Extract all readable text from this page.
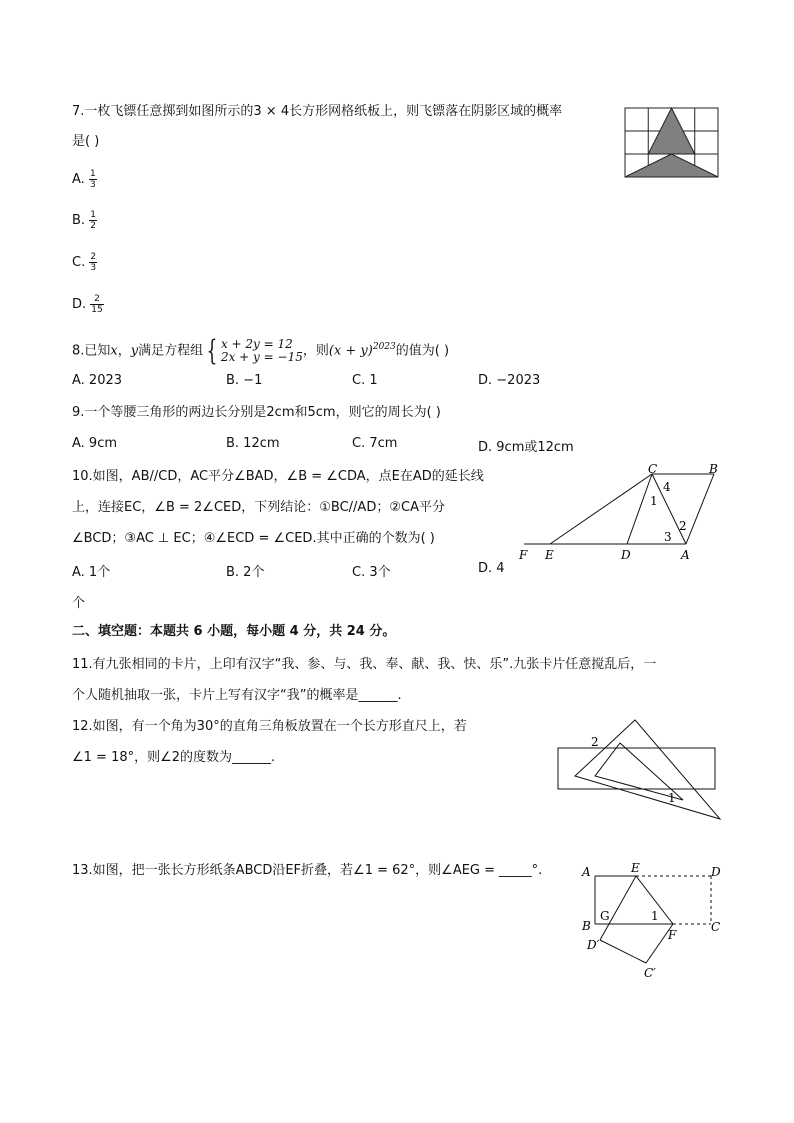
7.一枚飞镖任意掷到如图所示的3 × 4长方形网格纸板上，则飞镖落在阴影区域的概率
是( )
A. $\frac{1}{3}$
B. $\frac{1}{2}$
C. $\frac{2}{3}$
D. $\frac{2}{15}$
8.已知x，y满足方程组 { x + 2y = 12
2x + y = −15 ，则$(x + y)^{2023}$的值为( )
A. 2023	B. −1	C. 1	D. −2023
9.一个等腰三角形的两边长分别是2cm和5cm，则它的周长为( )
A. 9cm	B. 12cm	C. 7cm	D. 9cm或12cm
10.如图，AB//CD，AC平分∠BAD，∠B = ∠CDA，点E在AD的延长线
上，连接EC，∠B = 2∠CED，下列结论：①BC//AD；②CA平分
∠BCD；③AC ⊥ EC；④∠ECD = ∠CED.其中正确的个数为( )
A. 1个	B. 2个	C. 3个	D. 4
个
C	B
F E	D	A
1
2
3
4
二、填空题：本题共 6 小题，每小题 4 分，共 24 分。
11.有九张相同的卡片，上印有汉字“我、参、与、我、奉、献、我、快、乐”.九张卡片任意搅乱后，一
个人随机抽取一张，卡片上写有汉字“我”的概率是______.
12.如图，有一个角为30°的直角三角板放置在一个长方形直尺上，若
∠1 = 18°，则∠2的度数为______.
2
1
13.如图，把一张长方形纸条ABCD沿EF折叠，若∠1 = 62°，则∠AEG = _____°.	A	E	D
B
G	1
F
C
D′
C′
